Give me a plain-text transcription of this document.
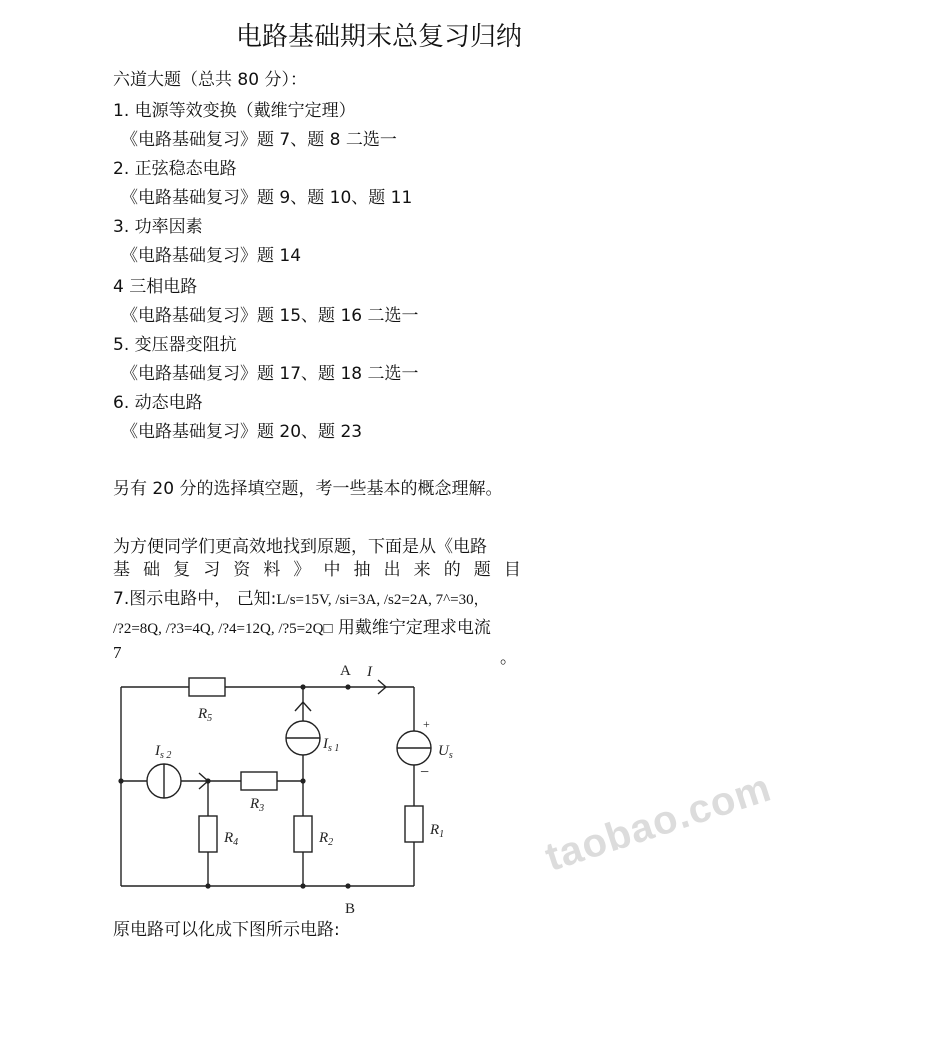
电路基础期末总复习归纳
六道大题（总共 80 分）：
1. 电源等效变换（戴维宁定理）
《电路基础复习》题 7、题 8 二选一
2. 正弦稳态电路
《电路基础复习》题 9、题 10、题 11
3. 功率因素
《电路基础复习》题 14
4 三相电路
《电路基础复习》题 15、题 16 二选一
5. 变压器变阻抗
《电路基础复习》题 17、题 18 二选一
6. 动态电路
《电路基础复习》题 20、题 23
另有 20 分的选择填空题，考一些基本的概念理解。
为方便同学们更高效地找到原题，下面是从《电路
基 础 复 习 资 料 》 中 抽 出 来 的 题 目
7.图示电路中， 己知:L/s=15V, /si=3A, /s2=2A, 7^=30，
/?2=8Q, /?3=4Q, /?4=12Q, /?5=2Q□ 用戴维宁定理求电流
7	。
A
B
I
$R_5$
$I_{s 2}$
$I_{s 1}$	$U_s$
+
−
$R_3$
$R_4$	$R_2$
$R_1$
原电路可以化成下图所示电路:
taobao.com
